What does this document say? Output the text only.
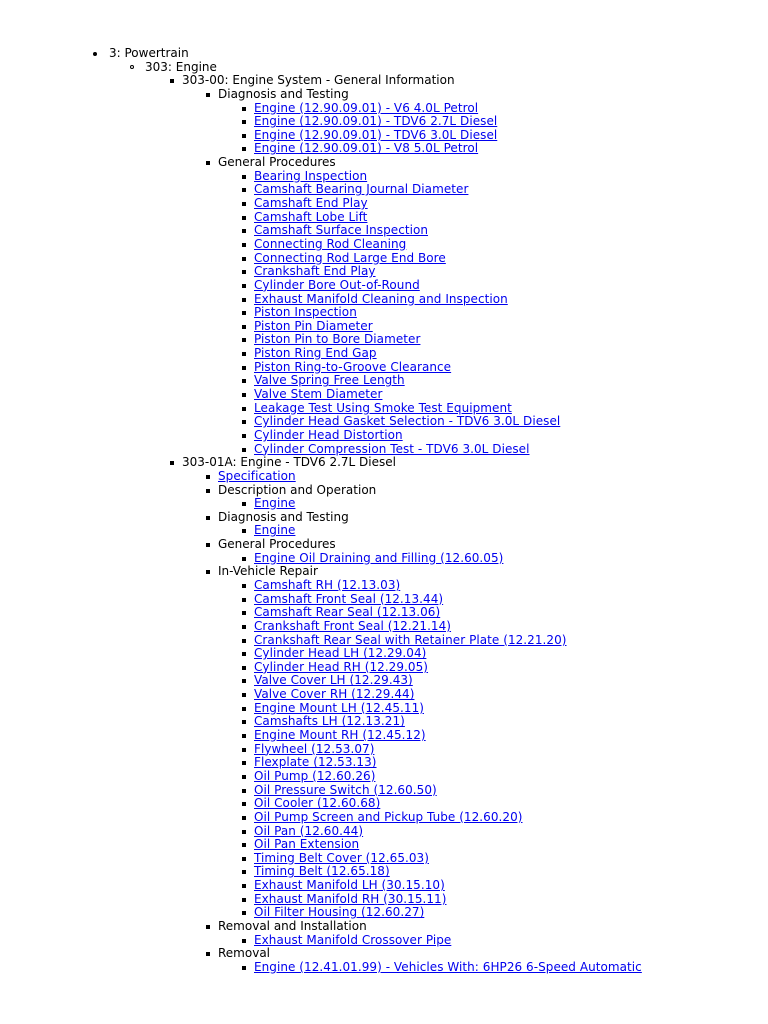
3: Powertrain
303: Engine
303-00: Engine System - General Information
Diagnosis and Testing
Engine (12.90.09.01) - V6 4.0L Petrol
Engine (12.90.09.01) - TDV6 2.7L Diesel
Engine (12.90.09.01) - TDV6 3.0L Diesel
Engine (12.90.09.01) - V8 5.0L Petrol
General Procedures
Bearing Inspection
Camshaft Bearing Journal Diameter
Camshaft End Play
Camshaft Lobe Lift
Camshaft Surface Inspection
Connecting Rod Cleaning
Connecting Rod Large End Bore
Crankshaft End Play
Cylinder Bore Out-of-Round
Exhaust Manifold Cleaning and Inspection
Piston Inspection
Piston Pin Diameter
Piston Pin to Bore Diameter
Piston Ring End Gap
Piston Ring-to-Groove Clearance
Valve Spring Free Length
Valve Stem Diameter
Leakage Test Using Smoke Test Equipment
Cylinder Head Gasket Selection - TDV6 3.0L Diesel
Cylinder Head Distortion
Cylinder Compression Test - TDV6 3.0L Diesel
303-01A: Engine - TDV6 2.7L Diesel
Specification
Description and Operation
Engine
Diagnosis and Testing
Engine
General Procedures
Engine Oil Draining and Filling (12.60.05)
In-Vehicle Repair
Camshaft RH (12.13.03)
Camshaft Front Seal (12.13.44)
Camshaft Rear Seal (12.13.06)
Crankshaft Front Seal (12.21.14)
Crankshaft Rear Seal with Retainer Plate (12.21.20)
Cylinder Head LH (12.29.04)
Cylinder Head RH (12.29.05)
Valve Cover LH (12.29.43)
Valve Cover RH (12.29.44)
Engine Mount LH (12.45.11)
Camshafts LH (12.13.21)
Engine Mount RH (12.45.12)
Flywheel (12.53.07)
Flexplate (12.53.13)
Oil Pump (12.60.26)
Oil Pressure Switch (12.60.50)
Oil Cooler (12.60.68)
Oil Pump Screen and Pickup Tube (12.60.20)
Oil Pan (12.60.44)
Oil Pan Extension
Timing Belt Cover (12.65.03)
Timing Belt (12.65.18)
Exhaust Manifold LH (30.15.10)
Exhaust Manifold RH (30.15.11)
Oil Filter Housing (12.60.27)
Removal and Installation
Exhaust Manifold Crossover Pipe
Removal
Engine (12.41.01.99) - Vehicles With: 6HP26 6-Speed Automatic
